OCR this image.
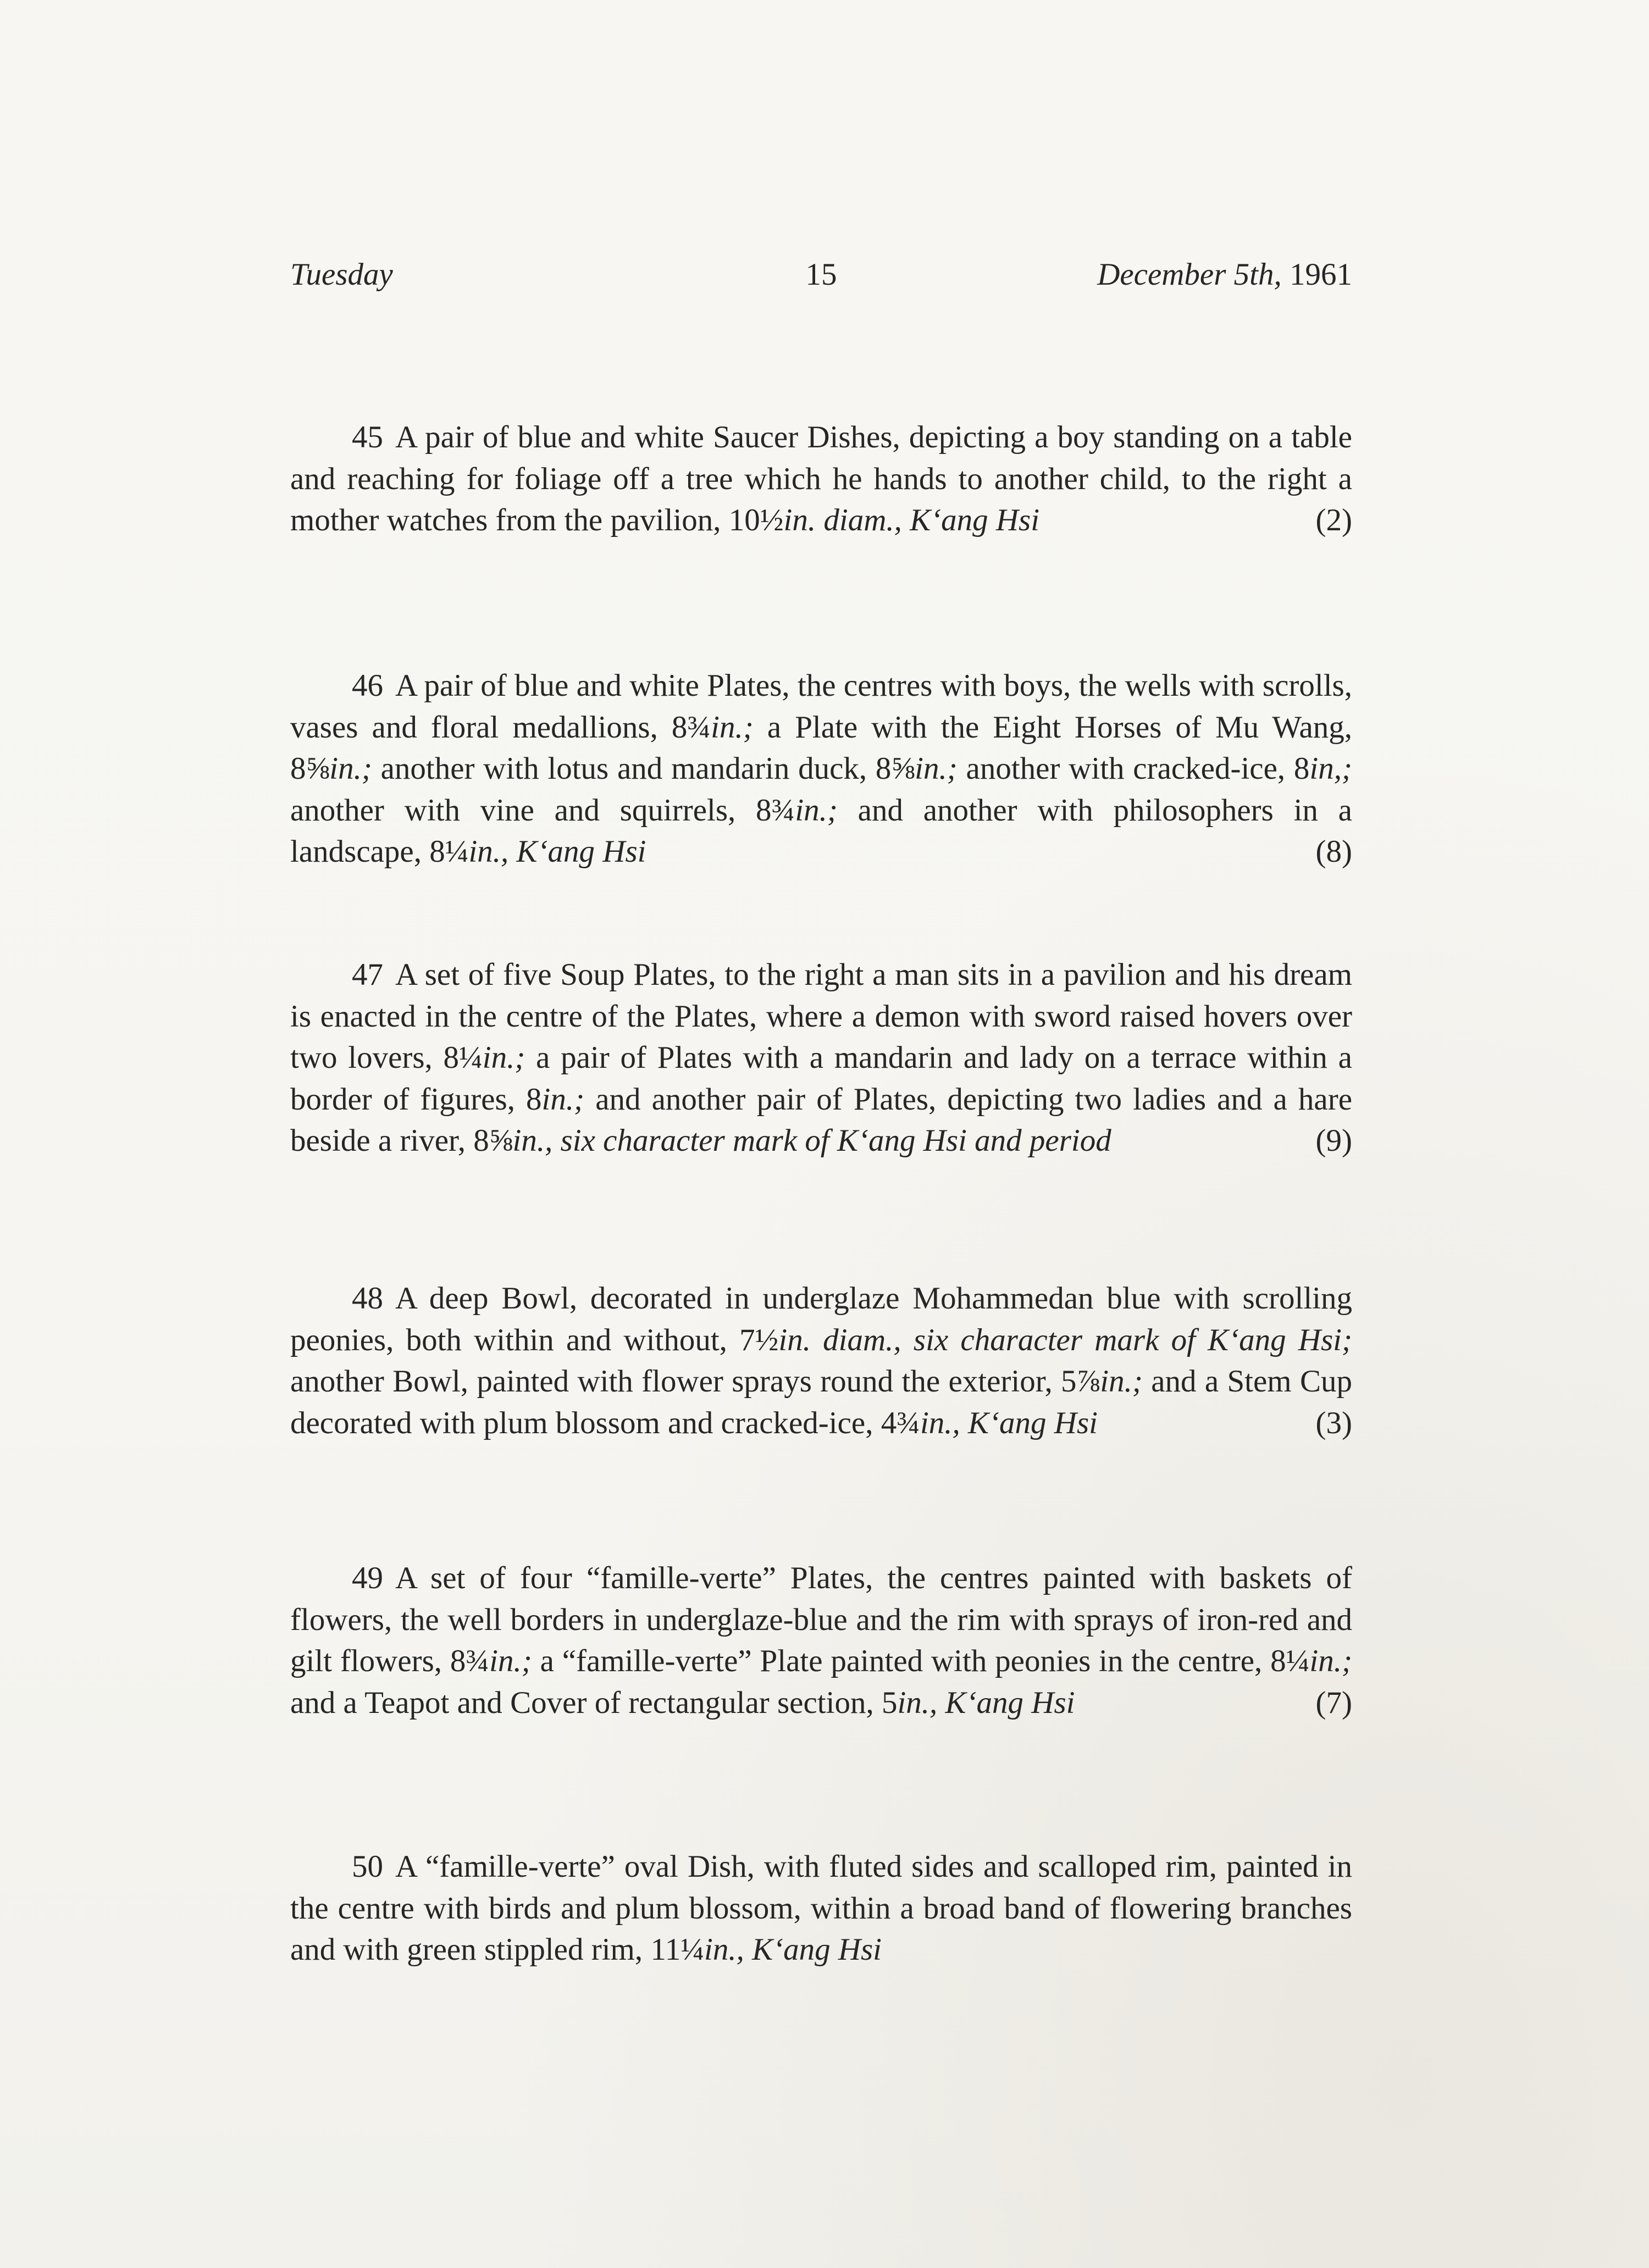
Tuesday	15	December 5th, 1961

45 A pair of blue and white Saucer Dishes, depicting a boy standing on a table and reaching for foliage off a tree which he hands to another child, to the right a mother watches from the pavilion, 10½in. diam., K‘ang Hsi	(2)

46 A pair of blue and white Plates, the centres with boys, the wells with scrolls, vases and floral medallions, 8¾in.; a Plate with the Eight Horses of Mu Wang, 8⅝in.; another with lotus and mandarin duck, 8⅝in.; another with cracked-ice, 8in,; another with vine and squirrels, 8¾in.; and another with philosophers in a landscape, 8¼in., K‘ang Hsi	(8)

47 A set of five Soup Plates, to the right a man sits in a pavilion and his dream is enacted in the centre of the Plates, where a demon with sword raised hovers over two lovers, 8¼in.; a pair of Plates with a mandarin and lady on a terrace within a border of figures, 8in.; and another pair of Plates, depicting two ladies and a hare beside a river, 8⅝in., six character mark of K‘ang Hsi and period	(9)

48 A deep Bowl, decorated in underglaze Mohammedan blue with scrolling peonies, both within and without, 7½in. diam., six character mark of K‘ang Hsi; another Bowl, painted with flower sprays round the exterior, 5⅞in.; and a Stem Cup decorated with plum blossom and cracked-ice, 4¾in., K‘ang Hsi	(3)

49 A set of four “famille-verte” Plates, the centres painted with baskets of flowers, the well borders in underglaze-blue and the rim with sprays of iron-red and gilt flowers, 8¾in.; a “famille-verte” Plate painted with peonies in the centre, 8¼in.; and a Teapot and Cover of rectangular section, 5in., K‘ang Hsi	(7)

50 A “famille-verte” oval Dish, with fluted sides and scalloped rim, painted in the centre with birds and plum blossom, within a broad band of flowering branches and with green stippled rim, 11¼in., K‘ang Hsi
